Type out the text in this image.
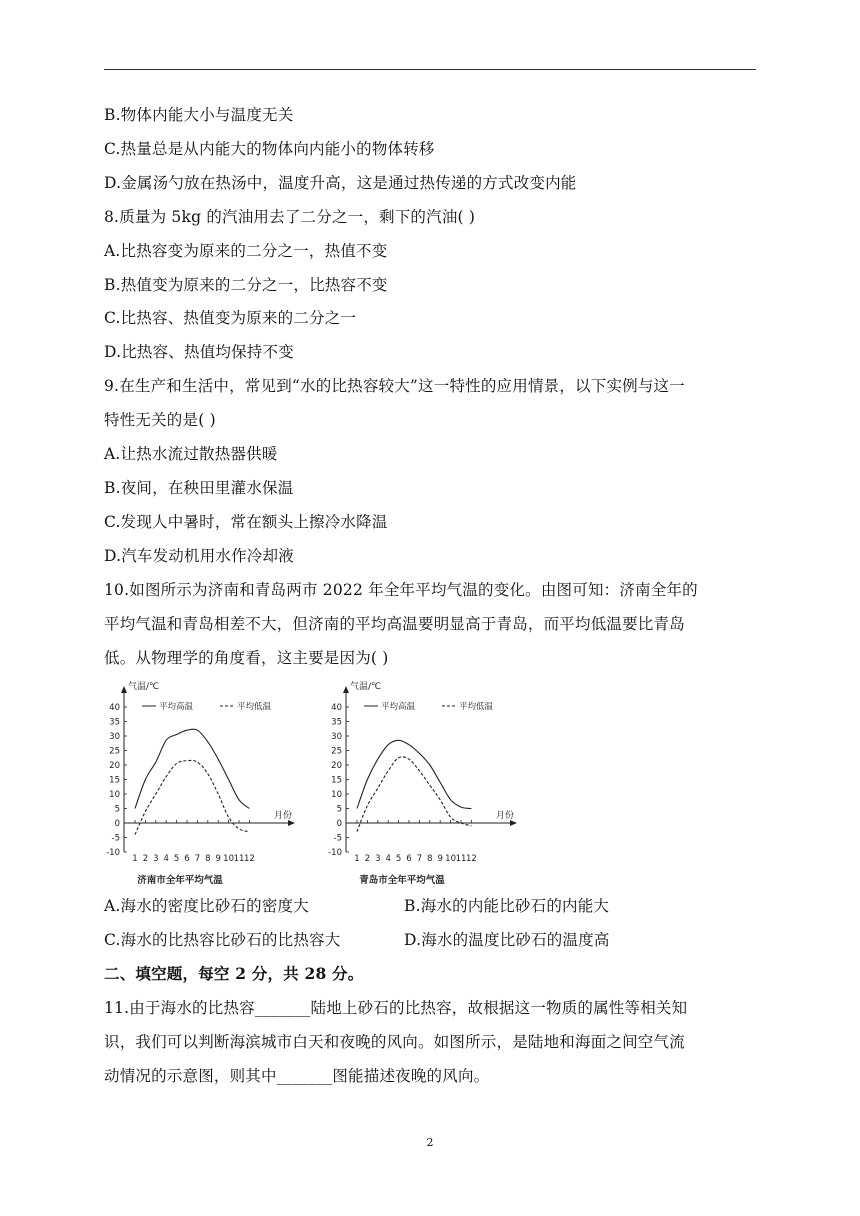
B.物体内能大小与温度无关
C.热量总是从内能大的物体向内能小的物体转移
D.金属汤勺放在热汤中，温度升高，这是通过热传递的方式改变内能
8.质量为 5kg 的汽油用去了二分之一，剩下的汽油( )
A.比热容变为原来的二分之一，热值不变
B.热值变为原来的二分之一，比热容不变
C.比热容、热值变为原来的二分之一
D.比热容、热值均保持不变
9.在生产和生活中，常见到“水的比热容较大”这一特性的应用情景，以下实例与这一
特性无关的是( )
A.让热水流过散热器供暖
B.夜间，在秧田里灌水保温
C.发现人中暑时，常在额头上擦冷水降温
D.汽车发动机用水作冷却液
10.如图所示为济南和青岛两市 2022 年全年平均气温的变化。由图可知：济南全年的
平均气温和青岛相差不大，但济南的平均高温要明显高于青岛，而平均低温要比青岛
低。从物理学的角度看，这主要是因为( )
气温/℃
月份
-10
-5
0
5
10
15
20
25
30
35
40
1 2 3 4 5 6 7 8 9 10 11 12
平均高温	平均低温
济南市全年平均气温
气温/℃
月份
-10
-5
0
5
10
15
20
25
30
35
40
1 2 3 4 5 6 7 8 9 10 11 12
平均高温	平均低温
青岛市全年平均气温
A.海水的密度比砂石的密度大	B.海水的内能比砂石的内能大
C.海水的比热容比砂石的比热容大	D.海水的温度比砂石的温度高
二、填空题，每空 2 分，共 28 分。
11.由于海水的比热容_______陆地上砂石的比热容，故根据这一物质的属性等相关知
识，我们可以判断海滨城市白天和夜晚的风向。如图所示，是陆地和海面之间空气流
动情况的示意图，则其中_______图能描述夜晚的风向。
2
